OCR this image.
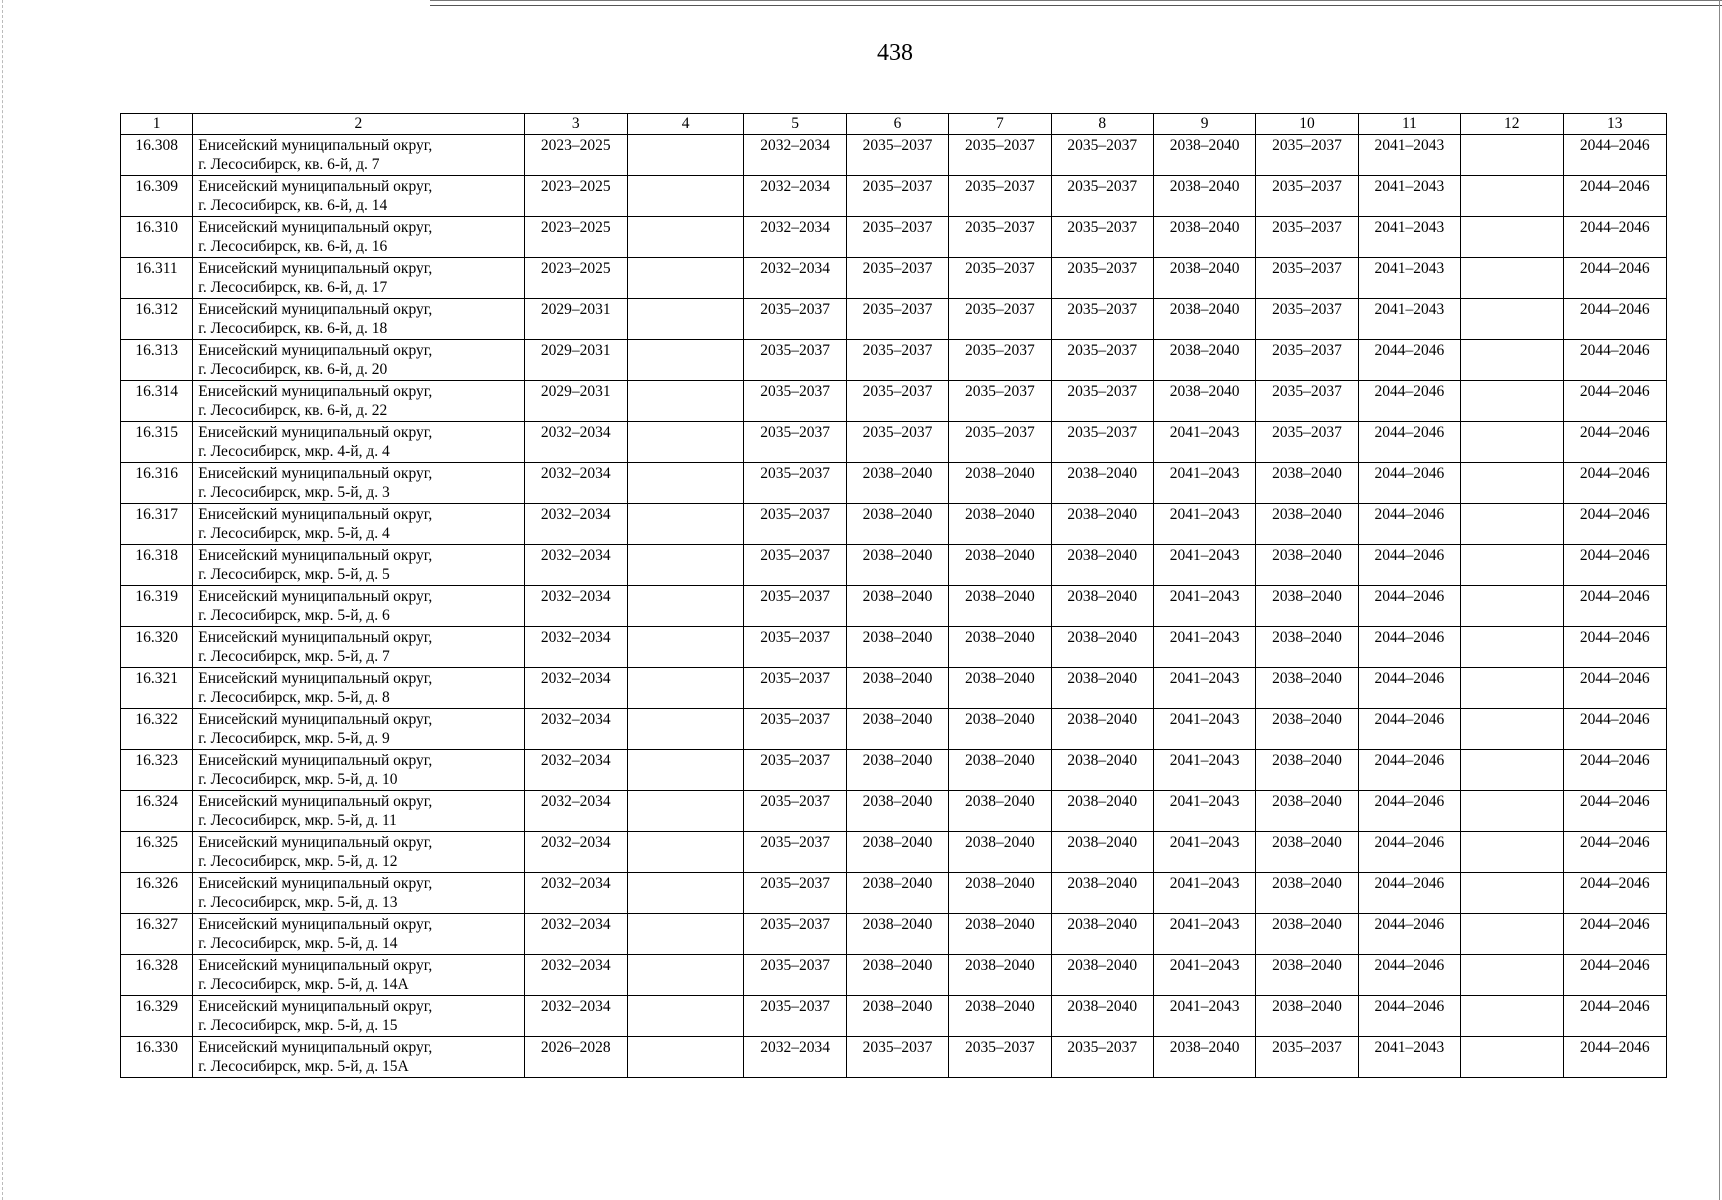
438
1	2	3	4	5	6	7	8	9	10	11	12	13
16.308	Енисейский муниципальный округ,
г. Лесосибирск, кв. 6-й, д. 7	2023–2025		2032–2034	2035–2037	2035–2037	2035–2037	2038–2040	2035–2037	2041–2043		2044–2046
16.309	Енисейский муниципальный округ,
г. Лесосибирск, кв. 6-й, д. 14	2023–2025		2032–2034	2035–2037	2035–2037	2035–2037	2038–2040	2035–2037	2041–2043		2044–2046
16.310	Енисейский муниципальный округ,
г. Лесосибирск, кв. 6-й, д. 16	2023–2025		2032–2034	2035–2037	2035–2037	2035–2037	2038–2040	2035–2037	2041–2043		2044–2046
16.311	Енисейский муниципальный округ,
г. Лесосибирск, кв. 6-й, д. 17	2023–2025		2032–2034	2035–2037	2035–2037	2035–2037	2038–2040	2035–2037	2041–2043		2044–2046
16.312	Енисейский муниципальный округ,
г. Лесосибирск, кв. 6-й, д. 18	2029–2031		2035–2037	2035–2037	2035–2037	2035–2037	2038–2040	2035–2037	2041–2043		2044–2046
16.313	Енисейский муниципальный округ,
г. Лесосибирск, кв. 6-й, д. 20	2029–2031		2035–2037	2035–2037	2035–2037	2035–2037	2038–2040	2035–2037	2044–2046		2044–2046
16.314	Енисейский муниципальный округ,
г. Лесосибирск, кв. 6-й, д. 22	2029–2031		2035–2037	2035–2037	2035–2037	2035–2037	2038–2040	2035–2037	2044–2046		2044–2046
16.315	Енисейский муниципальный округ,
г. Лесосибирск, мкр. 4-й, д. 4	2032–2034		2035–2037	2035–2037	2035–2037	2035–2037	2041–2043	2035–2037	2044–2046		2044–2046
16.316	Енисейский муниципальный округ,
г. Лесосибирск, мкр. 5-й, д. 3	2032–2034		2035–2037	2038–2040	2038–2040	2038–2040	2041–2043	2038–2040	2044–2046		2044–2046
16.317	Енисейский муниципальный округ,
г. Лесосибирск, мкр. 5-й, д. 4	2032–2034		2035–2037	2038–2040	2038–2040	2038–2040	2041–2043	2038–2040	2044–2046		2044–2046
16.318	Енисейский муниципальный округ,
г. Лесосибирск, мкр. 5-й, д. 5	2032–2034		2035–2037	2038–2040	2038–2040	2038–2040	2041–2043	2038–2040	2044–2046		2044–2046
16.319	Енисейский муниципальный округ,
г. Лесосибирск, мкр. 5-й, д. 6	2032–2034		2035–2037	2038–2040	2038–2040	2038–2040	2041–2043	2038–2040	2044–2046		2044–2046
16.320	Енисейский муниципальный округ,
г. Лесосибирск, мкр. 5-й, д. 7	2032–2034		2035–2037	2038–2040	2038–2040	2038–2040	2041–2043	2038–2040	2044–2046		2044–2046
16.321	Енисейский муниципальный округ,
г. Лесосибирск, мкр. 5-й, д. 8	2032–2034		2035–2037	2038–2040	2038–2040	2038–2040	2041–2043	2038–2040	2044–2046		2044–2046
16.322	Енисейский муниципальный округ,
г. Лесосибирск, мкр. 5-й, д. 9	2032–2034		2035–2037	2038–2040	2038–2040	2038–2040	2041–2043	2038–2040	2044–2046		2044–2046
16.323	Енисейский муниципальный округ,
г. Лесосибирск, мкр. 5-й, д. 10	2032–2034		2035–2037	2038–2040	2038–2040	2038–2040	2041–2043	2038–2040	2044–2046		2044–2046
16.324	Енисейский муниципальный округ,
г. Лесосибирск, мкр. 5-й, д. 11	2032–2034		2035–2037	2038–2040	2038–2040	2038–2040	2041–2043	2038–2040	2044–2046		2044–2046
16.325	Енисейский муниципальный округ,
г. Лесосибирск, мкр. 5-й, д. 12	2032–2034		2035–2037	2038–2040	2038–2040	2038–2040	2041–2043	2038–2040	2044–2046		2044–2046
16.326	Енисейский муниципальный округ,
г. Лесосибирск, мкр. 5-й, д. 13	2032–2034		2035–2037	2038–2040	2038–2040	2038–2040	2041–2043	2038–2040	2044–2046		2044–2046
16.327	Енисейский муниципальный округ,
г. Лесосибирск, мкр. 5-й, д. 14	2032–2034		2035–2037	2038–2040	2038–2040	2038–2040	2041–2043	2038–2040	2044–2046		2044–2046
16.328	Енисейский муниципальный округ,
г. Лесосибирск, мкр. 5-й, д. 14А	2032–2034		2035–2037	2038–2040	2038–2040	2038–2040	2041–2043	2038–2040	2044–2046		2044–2046
16.329	Енисейский муниципальный округ,
г. Лесосибирск, мкр. 5-й, д. 15	2032–2034		2035–2037	2038–2040	2038–2040	2038–2040	2041–2043	2038–2040	2044–2046		2044–2046
16.330	Енисейский муниципальный округ,
г. Лесосибирск, мкр. 5-й, д. 15А	2026–2028		2032–2034	2035–2037	2035–2037	2035–2037	2038–2040	2035–2037	2041–2043		2044–2046
